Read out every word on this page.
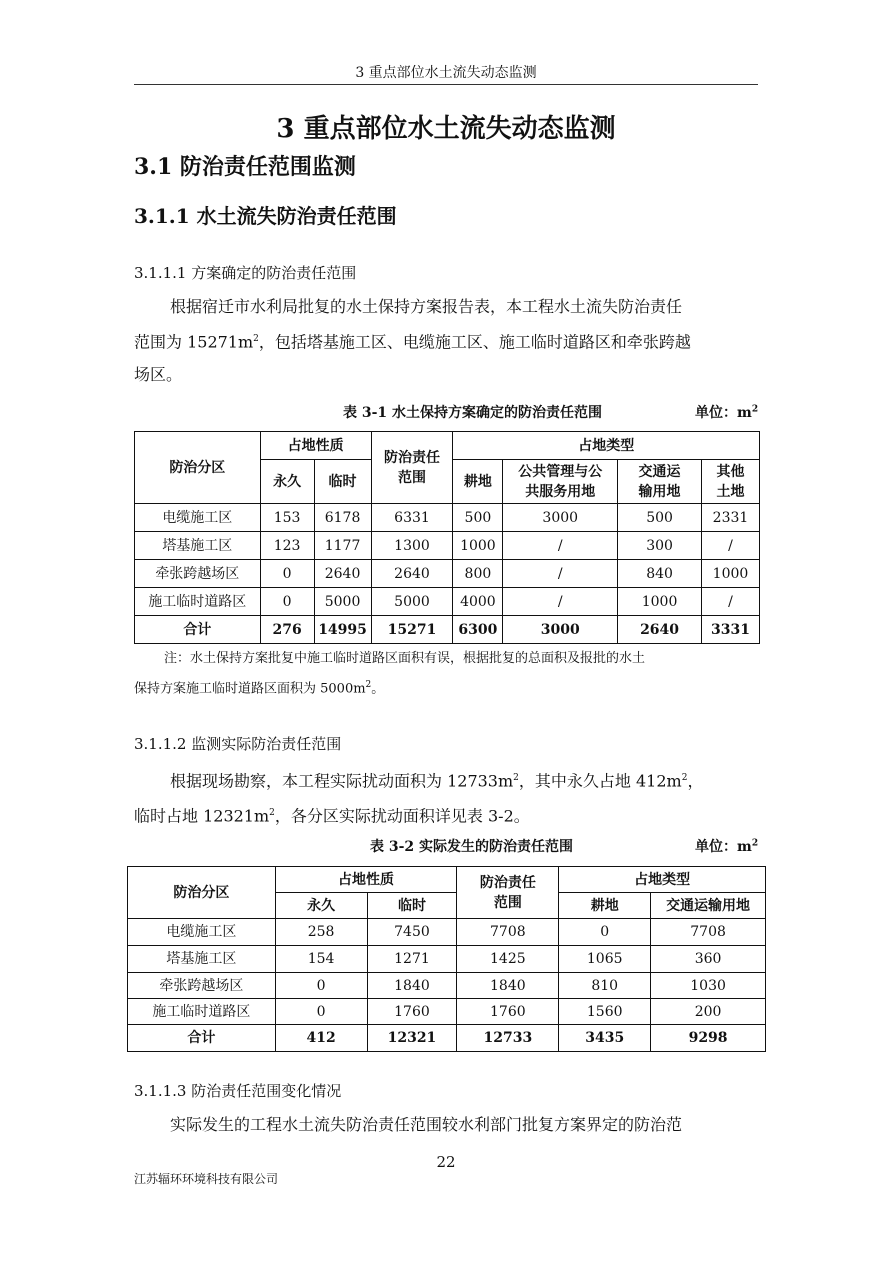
3 重点部位水土流失动态监测
3 重点部位水土流失动态监测
3.1 防治责任范围监测
3.1.1 水土流失防治责任范围
3.1.1.1 方案确定的防治责任范围
根据宿迁市水利局批复的水土保持方案报告表，本工程水土流失防治责任
范围为 $15271m^2$，包括塔基施工区、电缆施工区、施工临时道路区和牵张跨越
场区。
表 3-1 水土保持方案确定的防治责任范围	单位：$m^2$
防治分区	占地性质		防治责任范围	占地类型			
	永久	临时		耕地	公共管理与公共服务用地	交通运输用地	其他土地
电缆施工区	153	6178	6331	500	3000	500	2331
塔基施工区	123	1177	1300	1000	/	300	/
牵张跨越场区	0	2640	2640	800	/	840	1000
施工临时道路区	0	5000	5000	4000	/	1000	/
合计	276	14995	15271	6300	3000	2640	3331
注：水土保持方案批复中施工临时道路区面积有误，根据批复的总面积及报批的水土
保持方案施工临时道路区面积为 $5000m^2$。
3.1.1.2 监测实际防治责任范围
根据现场勘察，本工程实际扰动面积为 $12733m^2$，其中永久占地 $412m^2$，
临时占地 $12321m^2$，各分区实际扰动面积详见表 3-2。
表 3-2 实际发生的防治责任范围	单位：$m^2$
防治分区	占地性质		防治责任范围	占地类型	
	永久	临时		耕地	交通运输用地
电缆施工区	258	7450	7708	0	7708
塔基施工区	154	1271	1425	1065	360
牵张跨越场区	0	1840	1840	810	1030
施工临时道路区	0	1760	1760	1560	200
合计	412	12321	12733	3435	9298
3.1.1.3 防治责任范围变化情况
实际发生的工程水土流失防治责任范围较水利部门批复方案界定的防治范
22
江苏辐环环境科技有限公司
